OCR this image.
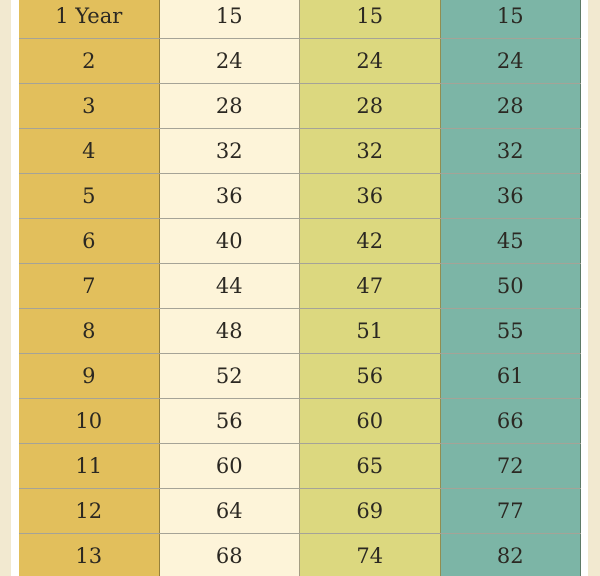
1 Year	15	15	15
2	24	24	24
3	28	28	28
4	32	32	32
5	36	36	36
6	40	42	45
7	44	47	50
8	48	51	55
9	52	56	61
10	56	60	66
11	60	65	72
12	64	69	77
13	68	74	82
